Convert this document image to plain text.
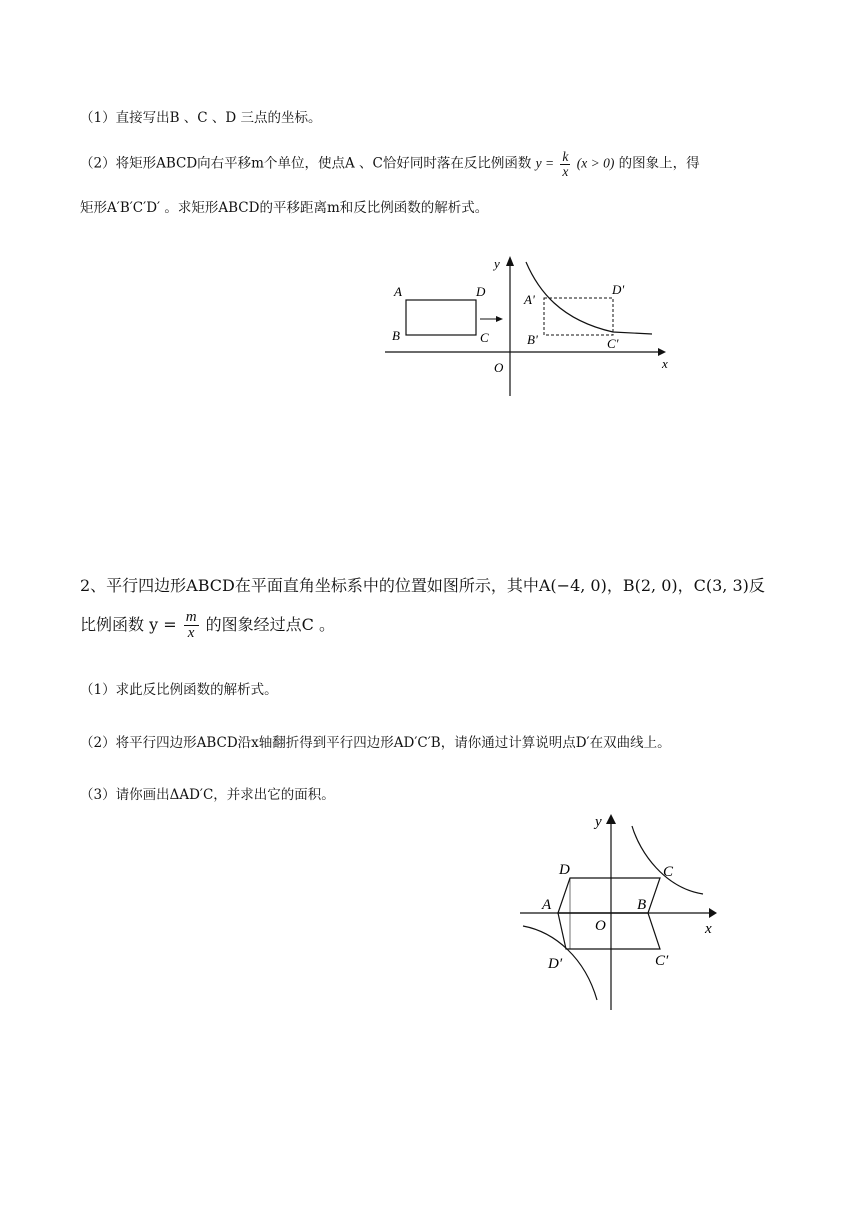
（1）直接写出B 、C 、D 三点的坐标。
（2）将矩形ABCD向右平移m个单位，使点A 、C恰好同时落在反比例函数 $y = \frac{k}{x} (x > 0)$ 的图象上，得
矩形A′B′C′D′ 。求矩形ABCD的平移距离m和反比例函数的解析式。
A	D
B	C
A'
D'
B'	C'
O	x
y
2、平行四边形ABCD在平面直角坐标系中的位置如图所示，其中A(−4, 0)，B(2, 0)，C(3, 3)反
比例函数 $y = \frac{m}{x}$ 的图象经过点C 。
（1）求此反比例函数的解析式。
（2）将平行四边形ABCD沿x轴翻折得到平行四边形AD′C′B，请你通过计算说明点D′在双曲线上。
（3）请你画出ΔAD′C，并求出它的面积。
D	C
A	B
O	x
y
D′	C′
